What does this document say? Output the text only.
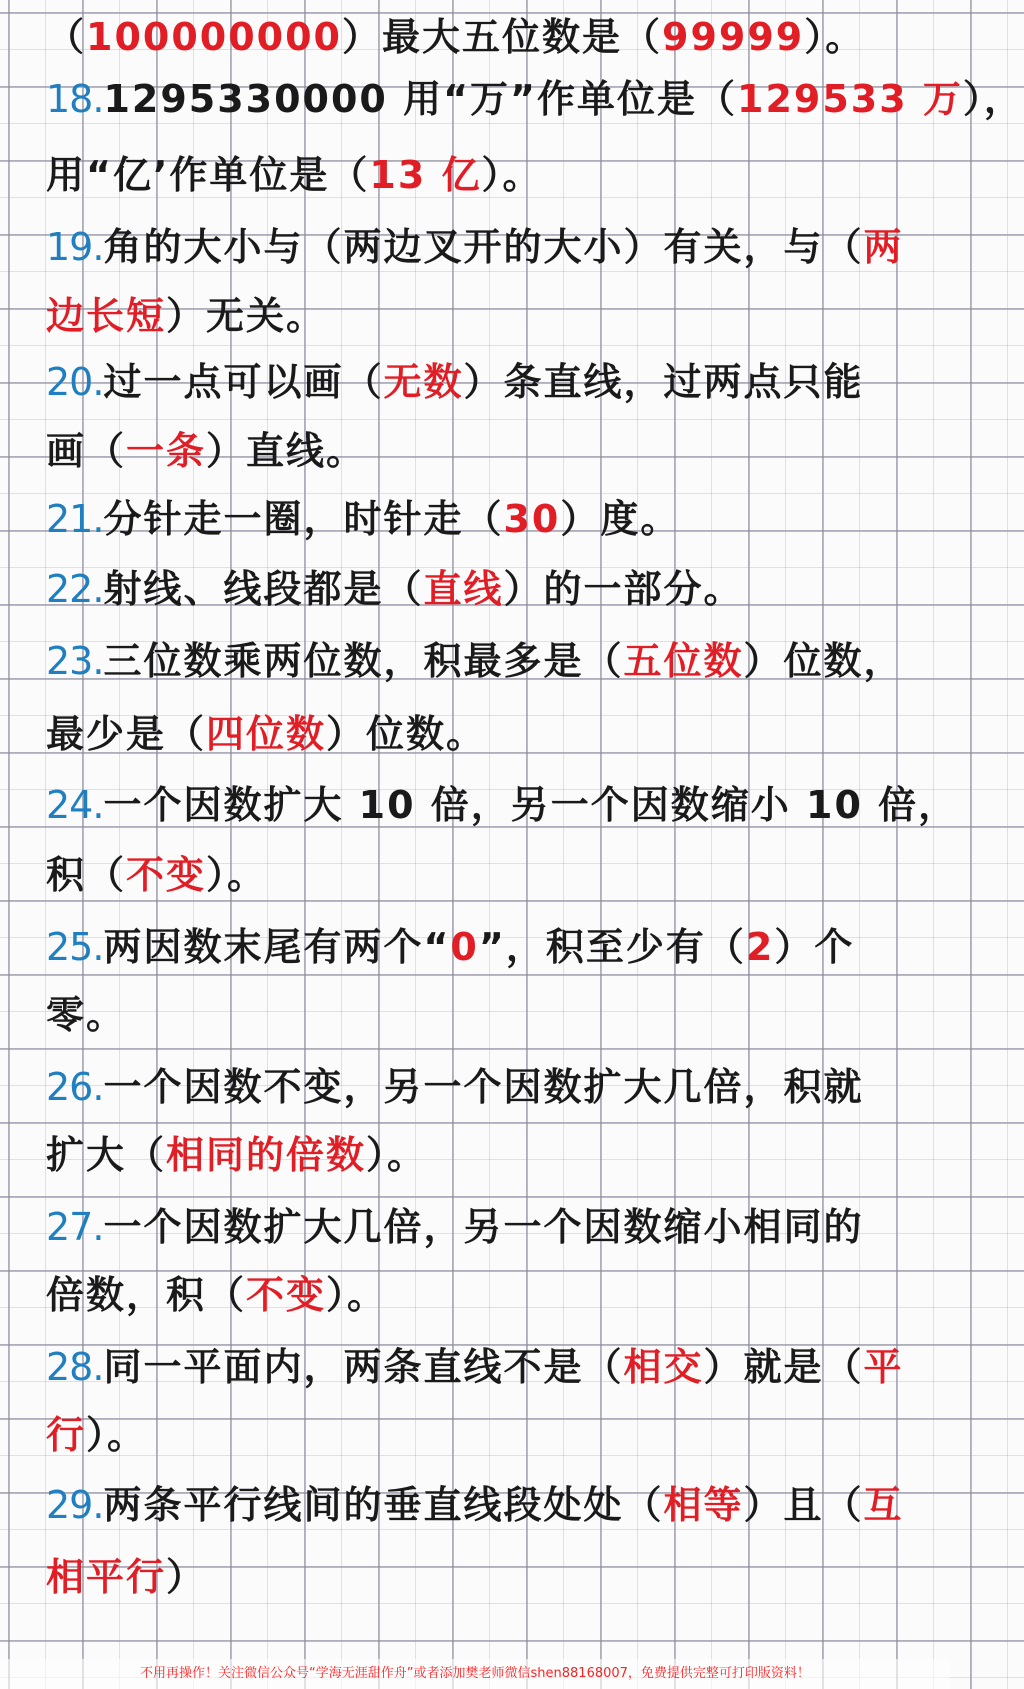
（100000000）最大五位数是（99999）。
18.1295330000 用“万”作单位是（129533 万），
用“亿’作单位是（13 亿）。
19.角的大小与（两边叉开的大小）有关，与（两
边长短）无关。
20.过一点可以画（无数）条直线，过两点只能
画（一条）直线。
21.分针走一圈，时针走（30）度。
22.射线、线段都是（直线）的一部分。
23.三位数乘两位数，积最多是（五位数）位数，
最少是（四位数）位数。
24.一个因数扩大 10 倍，另一个因数缩小 10 倍，
积（不变）。
25.两因数末尾有两个“0”，积至少有（2）个
零。
26.一个因数不变，另一个因数扩大几倍，积就
扩大（相同的倍数）。
27.一个因数扩大几倍，另一个因数缩小相同的
倍数，积（不变）。
28.同一平面内，两条直线不是（相交）就是（平
行）。
29.两条平行线间的垂直线段处处（相等）且（互
相平行）
不用再操作！关注微信公众号“学海无涯甜作舟”或者添加樊老师微信shen88168007，免费提供完整可打印版资料！
